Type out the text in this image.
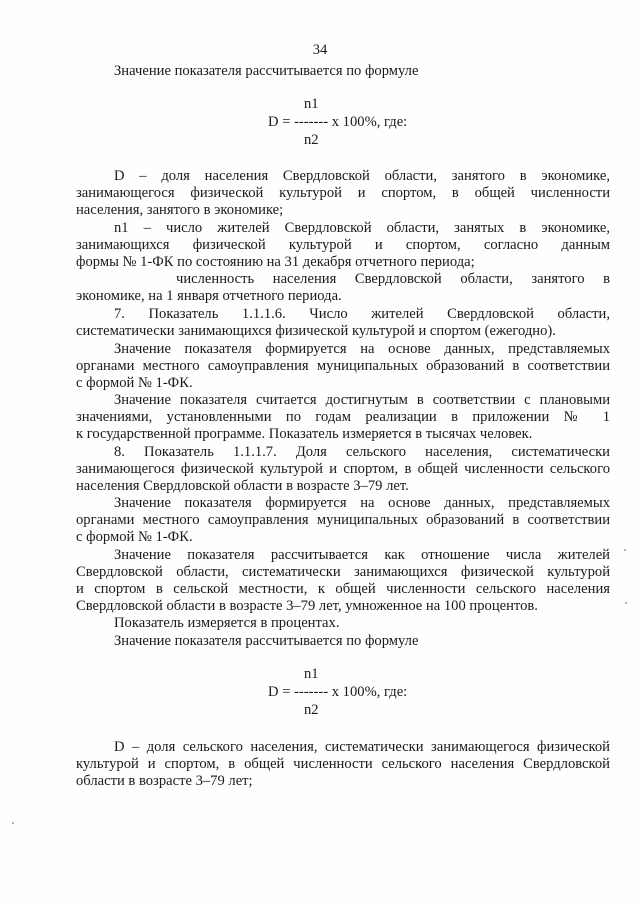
34
Значение показателя рассчитывается по формуле
n1
D = ------- х 100%, где:
n2
D – доля населения Свердловской области, занятого в экономике,
занимающегося физической культурой и спортом, в общей численности
населения, занятого в экономике;
n1 – число жителей Свердловской области, занятых в экономике,
занимающихся физической культурой и спортом, согласно данным
формы № 1-ФК по состоянию на 31 декабря отчетного периода;
численность населения Свердловской области, занятого в
экономике, на 1 января отчетного периода.
7. Показатель 1.1.1.6. Число жителей Свердловской области,
систематически занимающихся физической культурой и спортом (ежегодно).
Значение показателя формируется на основе данных, представляемых
органами местного самоуправления муниципальных образований в соответствии
с формой № 1-ФК.
Значение показателя считается достигнутым в соответствии с плановыми
значениями, установленными по годам реализации в приложении № 1
к государственной программе. Показатель измеряется в тысячах человек.
8. Показатель 1.1.1.7. Доля сельского населения, систематически
занимающегося физической культурой и спортом, в общей численности сельского
населения Свердловской области в возрасте 3–79 лет.
Значение показателя формируется на основе данных, представляемых
органами местного самоуправления муниципальных образований в соответствии
с формой № 1-ФК.
Значение показателя рассчитывается как отношение числа жителей
Свердловской области, систематически занимающихся физической культурой
и спортом в сельской местности, к общей численности сельского населения
Свердловской области в возрасте 3–79 лет, умноженное на 100 процентов.
Показатель измеряется в процентах.
Значение показателя рассчитывается по формуле
n1
D = ------- х 100%, где:
n2
D – доля сельского населения, систематически занимающегося физической
культурой и спортом, в общей численности сельского населения Свердловской
области в возрасте 3–79 лет;
